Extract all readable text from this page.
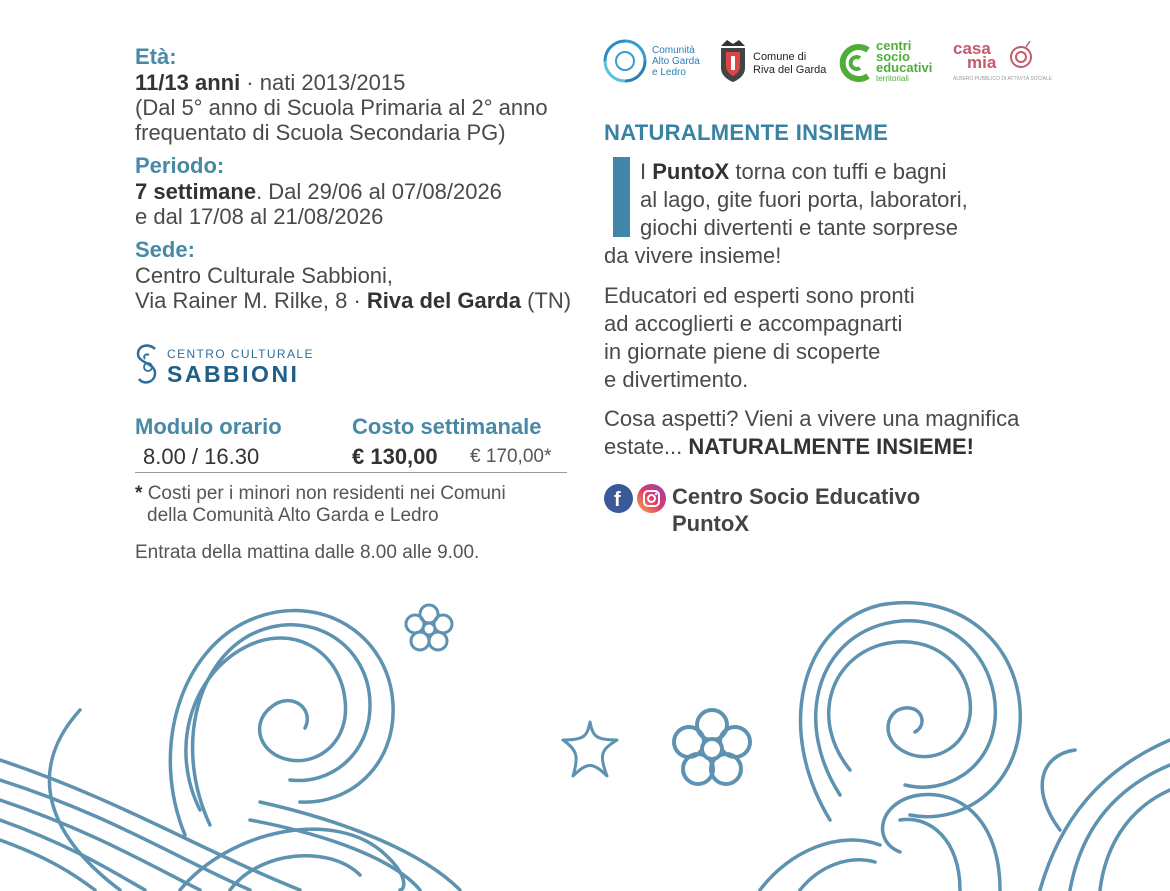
Età:
11/13 anni · nati 2013/2015
(Dal 5° anno di Scuola Primaria al 2° anno
frequentato di Scuola Secondaria PG)
Periodo:
7 settimane. Dal 29/06 al 07/08/2026
e dal 17/08 al 21/08/2026
Sede:
Centro Culturale Sabbioni,
Via Rainer M. Rilke, 8 · Riva del Garda (TN)
CENTRO CULTURALE
SABBIONI
Modulo orario	Costo settimanale
8.00 / 16.30	€ 130,00 € 170,00*
* Costi per i minori non residenti nei Comuni
della Comunità Alto Garda e Ledro
Entrata della mattina dalle 8.00 alle 9.00.
Comunità
Alto Garda
e Ledro
Comune di
Riva del Garda
centri
socio
educativi
territoriali
casa
mia
ALBERO PUBBLICO DI ATTIVITÀ SOCIALE
NATURALMENTE INSIEME
I PuntoX torna con tuffi e bagni
al lago, gite fuori porta, laboratori,
giochi divertenti e tante sorprese
da vivere insieme!
Educatori ed esperti sono pronti
ad accoglierti e accompagnarti
in giornate piene di scoperte
e divertimento.
Cosa aspetti? Vieni a vivere una magnifica
estate... NATURALMENTE INSIEME!
f Centro Socio Educativo
PuntoX
